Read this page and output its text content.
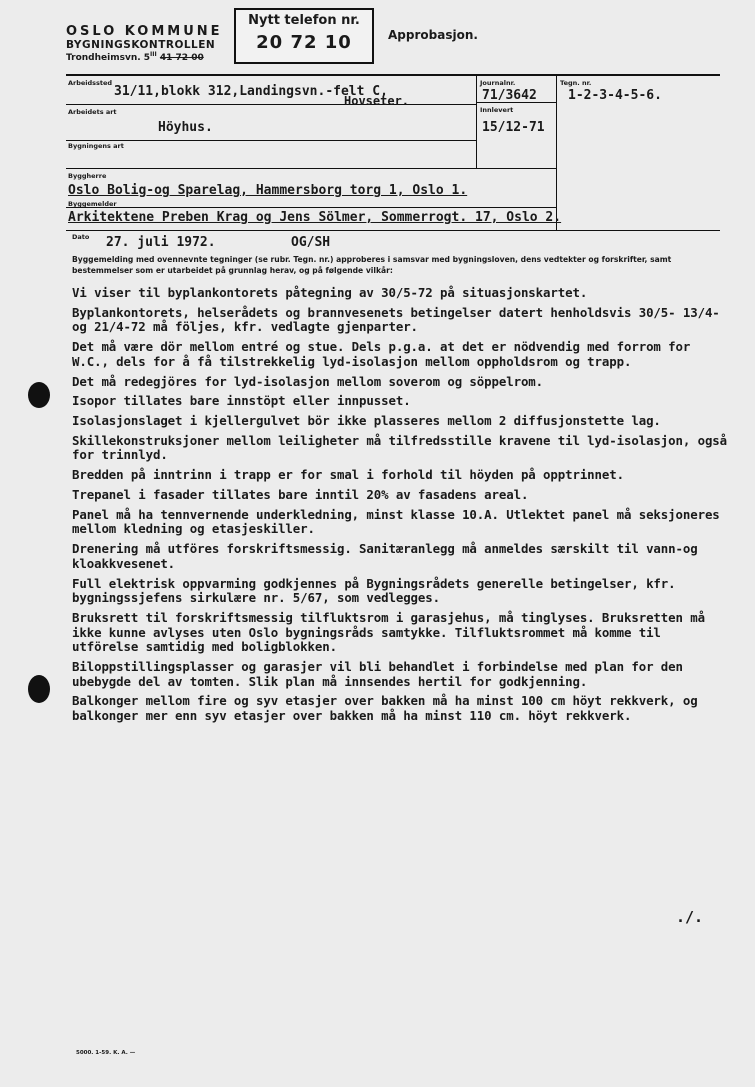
OSLO KOMMUNE
BYGNINGSKONTROLLEN
Trondheimsvn. $5^{III}$ 41 72 00
Nytt telefon nr.
20 72 10	Approbasjon.
Arbeidssted
31/11,blokk 312,Landingsvn.-felt C,
Hovseter.
Journalnr.
71/3642
Tegn. nr.
1-2-3-4-5-6.
Arbeidets art
Höyhus.
Innlevert
15/12-71
Bygningens art
Byggherre
Oslo Bolig-og Sparelag, Hammersborg torg 1, Oslo 1.
Byggemelder
Arkitektene Preben Krag og Jens Sölmer, Sommerrogt. 17, Oslo 2.
Dato 27. juli 1972.	OG/SH
Byggemelding med ovennevnte tegninger (se rubr. Tegn. nr.) approberes i samsvar med bygningsloven, dens vedtekter og forskrifter, samt bestemmelser som er utarbeidet på grunnlag herav, og på følgende vilkår:

Vi viser til byplankontorets påtegning av 30/5-72 på situasjonskartet.

Byplankontorets, helserådets og brannvesenets betingelser datert henholdsvis 30/5- 13/4- og 21/4-72 må följes, kfr. vedlagte gjenparter.

Det må være dör mellom entré og stue. Dels p.g.a. at det er nödvendig med forrom for W.C., dels for å få tilstrekkelig lyd-isolasjon mellom oppholdsrom og trapp.

Det må redegjöres for lyd-isolasjon mellom soverom og söppelrom.

Isopor tillates bare innstöpt eller innpusset.

Isolasjonslaget i kjellergulvet bör ikke plasseres mellom 2 diffusjonstette lag.

Skillekonstruksjoner mellom leiligheter må tilfredsstille kravene til lyd-isolasjon, også for trinnlyd.

Bredden på inntrinn i trapp er for smal i forhold til höyden på opptrinnet.

Trepanel i fasader tillates bare inntil 20% av fasadens areal.

Panel må ha tennvernende underkledning, minst klasse 10.A. Utlektet panel må seksjoneres mellom kledning og etasjeskiller.

Drenering må utföres forskriftsmessig. Sanitæranlegg må anmeldes særskilt til vann-og kloakkvesenet.

Full elektrisk oppvarming godkjennes på Bygningsrådets generelle betingelser, kfr. bygningssjefens sirkulære nr. 5/67, som vedlegges.

Bruksrett til forskriftsmessig tilfluktsrom i garasjehus, må tinglyses. Bruksretten må ikke kunne avlyses uten Oslo bygningsråds samtykke. Tilfluktsrommet må komme til utförelse samtidig med boligblokken.

Biloppstillingsplasser og garasjer vil bli behandlet i forbindelse med plan for den ubebygde del av tomten. Slik plan må innsendes hertil for godkjenning.

Balkonger mellom fire og syv etasjer over bakken må ha minst 100 cm höyt rekkverk, og balkonger mer enn syv etasjer over bakken må ha minst 110 cm. höyt rekkverk.

./.
5000. 1-59. K. A. —
